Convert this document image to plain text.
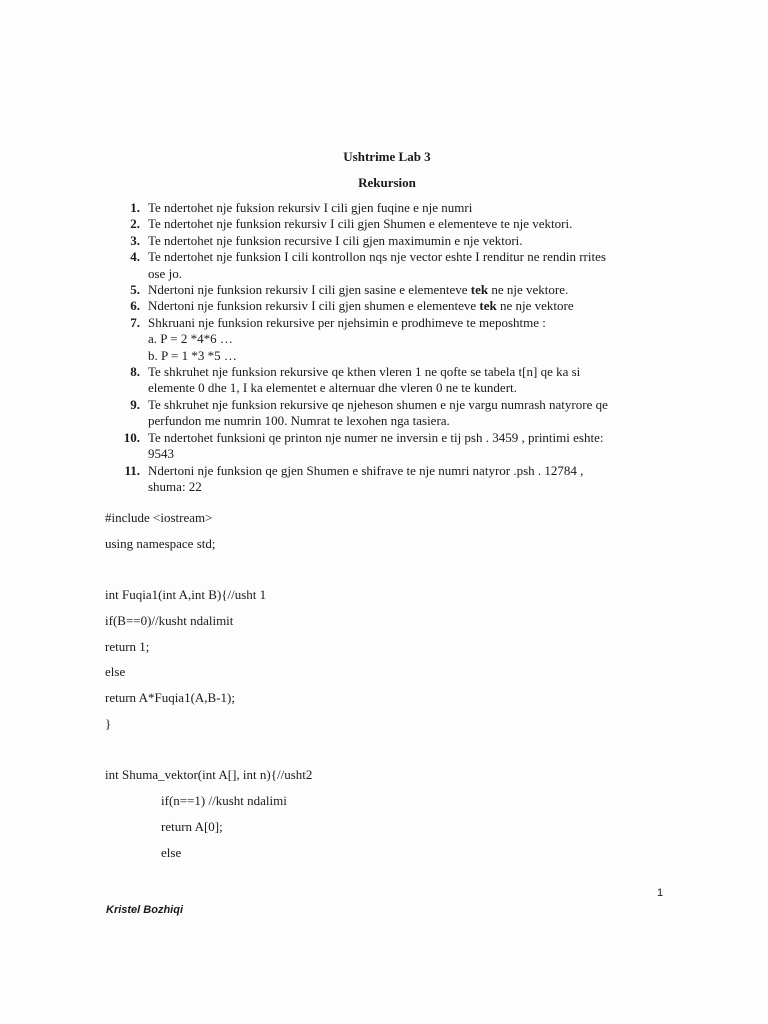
Ushtrime Lab 3
Rekursion
1. Te ndertohet nje fuksion rekursiv I cili gjen fuqine e nje numri
2. Te ndertohet nje funksion rekursiv I cili gjen Shumen e elementeve te nje vektori.
3. Te ndertohet nje funksion recursive I cili gjen maximumin e nje vektori.
4. Te ndertohet nje funksion I cili kontrollon nqs nje vector eshte I renditur ne rendin rrites
ose jo.
5. Ndertoni nje funksion rekursiv I cili gjen sasine e elementeve tek ne nje vektore.
6. Ndertoni nje funksion rekursiv I cili gjen shumen e elementeve tek ne nje vektore
7. Shkruani nje funksion rekursive per njehsimin e prodhimeve te meposhtme :
a. P = 2 *4*6 …
b. P = 1 *3 *5 …
8. Te shkruhet nje funksion rekursive qe kthen vleren 1 ne qofte se tabela t[n] qe ka si
elemente 0 dhe 1, I ka elementet e alternuar dhe vleren 0 ne te kundert.
9. Te shkruhet nje funksion rekursive qe njeheson shumen e nje vargu numrash natyrore qe
perfundon me numrin 100. Numrat te lexohen nga tasiera.
10. Te ndertohet funksioni qe printon nje numer ne inversin e tij psh . 3459 , printimi eshte:
9543
11. Ndertoni nje funksion qe gjen Shumen e shifrave te nje numri natyror .psh . 12784 ,
shuma: 22
#include <iostream>
using namespace std;
int Fuqia1(int A,int B){//usht 1
if(B==0)//kusht ndalimit
return 1;
else
return A*Fuqia1(A,B-1);
}
int Shuma_vektor(int A[], int n){//usht2
if(n==1) //kusht ndalimi
return A[0];
else
1
Kristel Bozhiqi
